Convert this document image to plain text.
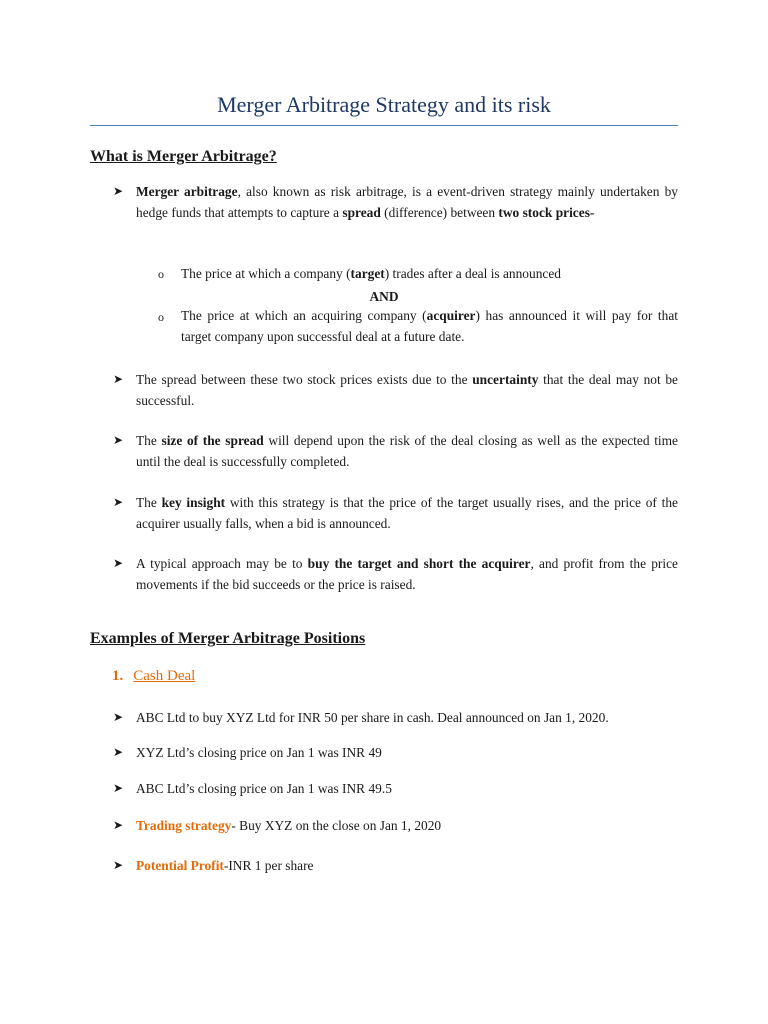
Merger Arbitrage Strategy and its risk
What is Merger Arbitrage?
➤ Merger arbitrage, also known as risk arbitrage, is a event-driven strategy mainly undertaken by hedge funds that attempts to capture a spread (difference) between two stock prices-
o The price at which a company (target) trades after a deal is announced
AND
o The price at which an acquiring company (acquirer) has announced it will pay for that target company upon successful deal at a future date.
➤ The spread between these two stock prices exists due to the uncertainty that the deal may not be successful.
➤ The size of the spread will depend upon the risk of the deal closing as well as the expected time until the deal is successfully completed.
➤ The key insight with this strategy is that the price of the target usually rises, and the price of the acquirer usually falls, when a bid is announced.
➤ A typical approach may be to buy the target and short the acquirer, and profit from the price movements if the bid succeeds or the price is raised.
Examples of Merger Arbitrage Positions
1. Cash Deal
➤ ABC Ltd to buy XYZ Ltd for INR 50 per share in cash. Deal announced on Jan 1, 2020.
➤ XYZ Ltd’s closing price on Jan 1 was INR 49
➤ ABC Ltd’s closing price on Jan 1 was INR 49.5
➤ Trading strategy- Buy XYZ on the close on Jan 1, 2020
➤ Potential Profit-INR 1 per share
